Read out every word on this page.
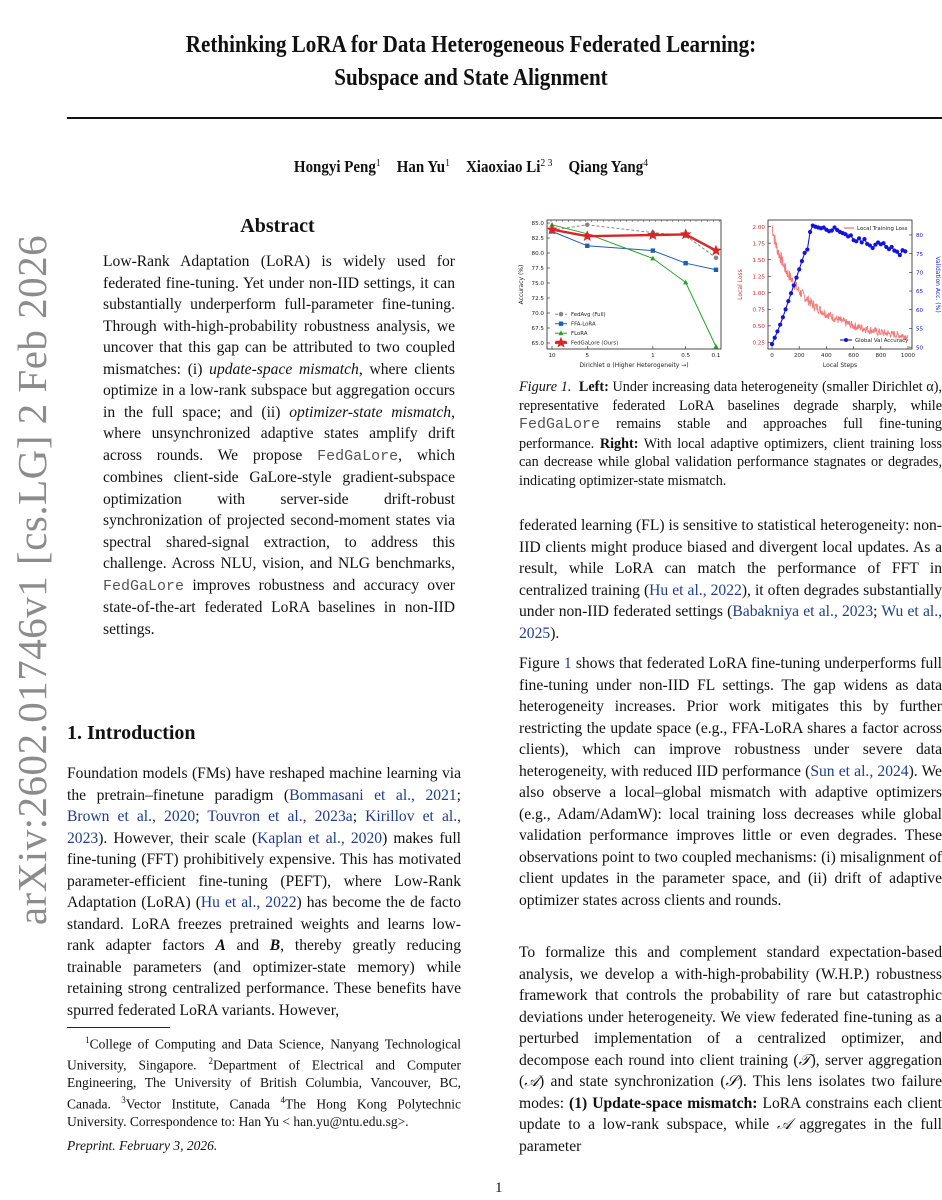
arXiv:2602.01746v1 [cs.LG] 2 Feb 2026
Rethinking LoRA for Data Heterogeneous Federated Learning:
Subspace and State Alignment
Hongyi Peng$^1$ Han Yu$^1$ Xiaoxiao $Li^{2 3}$ Qiang Yang$^4$
Abstract

Low-Rank Adaptation (LoRA) is widely used for federated fine-tuning. Yet under non-IID settings, it can substantially underperform full-parameter fine-tuning. Through with-high-probability robustness analysis, we uncover that this gap can be attributed to two coupled mismatches: (i) update-space mismatch, where clients optimize in a low-rank subspace but aggregation occurs in the full space; and (ii) optimizer-state mismatch, where unsynchronized adaptive states amplify drift across rounds. We propose FedGaLore, which combines client-side GaLore-style gradient-subspace optimization with server-side drift-robust synchronization of projected second-moment states via spectral shared-signal extraction, to address this challenge. Across NLU, vision, and NLG benchmarks, FedGaLore improves robustness and accuracy over state-of-the-art federated LoRA baselines in non-IID settings.

1. Introduction

Foundation models (FMs) have reshaped machine learning via the pretrain–finetune paradigm (Bommasani et al., 2021; Brown et al., 2020; Touvron et al., 2023a; Kirillov et al., 2023). However, their scale (Kaplan et al., 2020) makes full fine-tuning (FFT) prohibitively expensive. This has motivated parameter-efficient fine-tuning (PEFT), where Low-Rank Adaptation (LoRA) (Hu et al., 2022) has become the de facto standard. LoRA freezes pretrained weights and learns low-rank adapter factors A and B, thereby greatly reducing trainable parameters (and optimizer-state memory) while retaining strong centralized performance. These benefits have spurred federated LoRA variants. However,

$^1$College of Computing and Data Science, Nanyang Technological University, Singapore. $^2$Department of Electrical and Computer Engineering, The University of British Columbia, Vancouver, BC, Canada. $^3$Vector Institute, Canada $^4$The Hong Kong Polytechnic University. Correspondence to: Han Yu < han.yu@ntu.edu.sg>.
Preprint. February 3, 2026.
1
65.0
67.5
70.0
72.5
75.0
77.5
80.0
82.5
85.0
10	5	1	0.5	0.1
Dirichlet α (Higher Heterogeneity →)
Accuracy (%)
FedAvg (Full)
FFA-LoRA
FLoRA
FedGaLore (Ours)	0.25
0.50
0.75
1.00
1.25
1.50
1.75
2.00
50
55
60
65
70
75
80
0	200	400	600	800	1000
Local Steps
Local Loss	Validation Acc. (%)
Local Training Loss
Global Val Accuracy
Figure 1. Left: Under increasing data heterogeneity (smaller Dirichlet α), representative federated LoRA baselines degrade sharply, while FedGaLore remains stable and approaches full fine-tuning performance. Right: With local adaptive optimizers, client training loss can decrease while global validation performance stagnates or degrades, indicating optimizer-state mismatch.

federated learning (FL) is sensitive to statistical heterogeneity: non-IID clients might produce biased and divergent local updates. As a result, while LoRA can match the performance of FFT in centralized training (Hu et al., 2022), it often degrades substantially under non-IID federated settings (Babakniya et al., 2023; Wu et al., 2025).

Figure 1 shows that federated LoRA fine-tuning underperforms full fine-tuning under non-IID FL settings. The gap widens as data heterogeneity increases. Prior work mitigates this by further restricting the update space (e.g., FFA-LoRA shares a factor across clients), which can improve robustness under severe data heterogeneity, with reduced IID performance (Sun et al., 2024). We also observe a local–global mismatch with adaptive optimizers (e.g., Adam/AdamW): local training loss decreases while global validation performance improves little or even degrades. These observations point to two coupled mechanisms: (i) misalignment of client updates in the parameter space, and (ii) drift of adaptive optimizer states across clients and rounds.

To formalize this and complement standard expectation-based analysis, we develop a with-high-probability (W.H.P.) robustness framework that controls the probability of rare but catastrophic deviations under heterogeneity. We view federated fine-tuning as a perturbed implementation of a centralized optimizer, and decompose each round into client training (𝒯), server aggregation (𝒜) and state synchronization (𝒮). This lens isolates two failure modes: (1) Update-space mismatch: LoRA constrains each client update to a low-rank subspace, while 𝒜 aggregates in the full parameter
